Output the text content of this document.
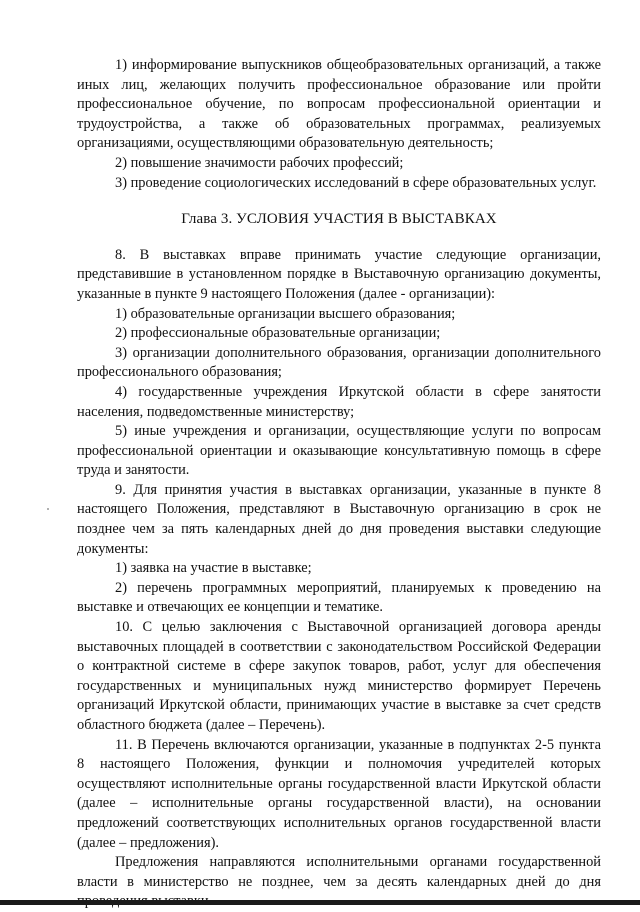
1) информирование выпускников общеобразовательных организаций, а также иных лиц, желающих получить профессиональное образование или пройти профессиональное обучение, по вопросам профессиональной ориентации и трудоустройства, а также об образовательных программах, реализуемых организациями, осуществляющими образовательную деятельность;

2) повышение значимости рабочих профессий;

3) проведение социологических исследований в сфере образовательных услуг.

Глава 3. УСЛОВИЯ УЧАСТИЯ В ВЫСТАВКАХ

8. В выставках вправе принимать участие следующие организации, представившие в установленном порядке в Выставочную организацию документы, указанные в пункте 9 настоящего Положения (далее - организации):

1) образовательные организации высшего образования;

2) профессиональные образовательные организации;

3) организации дополнительного образования, организации дополнительного профессионального образования;

4) государственные учреждения Иркутской области в сфере занятости населения, подведомственные министерству;

5) иные учреждения и организации, осуществляющие услуги по вопросам профессиональной ориентации и оказывающие консультативную помощь в сфере труда и занятости.

9. Для принятия участия в выставках организации, указанные в пункте 8 настоящего Положения, представляют в Выставочную организацию в срок не позднее чем за пять календарных дней до дня проведения выставки следующие документы:

1) заявка на участие в выставке;

2) перечень программных мероприятий, планируемых к проведению на выставке и отвечающих ее концепции и тематике.

10. С целью заключения с Выставочной организацией договора аренды выставочных площадей в соответствии с законодательством Российской Федерации о контрактной системе в сфере закупок товаров, работ, услуг для обеспечения государственных и муниципальных нужд министерство формирует Перечень организаций Иркутской области, принимающих участие в выставке за счет средств областного бюджета (далее – Перечень).

11. В Перечень включаются организации, указанные в подпунктах 2-5 пункта 8 настоящего Положения, функции и полномочия учредителей которых осуществляют исполнительные органы государственной власти Иркутской области (далее – исполнительные органы государственной власти), на основании предложений соответствующих исполнительных органов государственной власти (далее – предложения).

Предложения направляются исполнительными органами государственной власти в министерство не позднее, чем за десять календарных дней до дня
